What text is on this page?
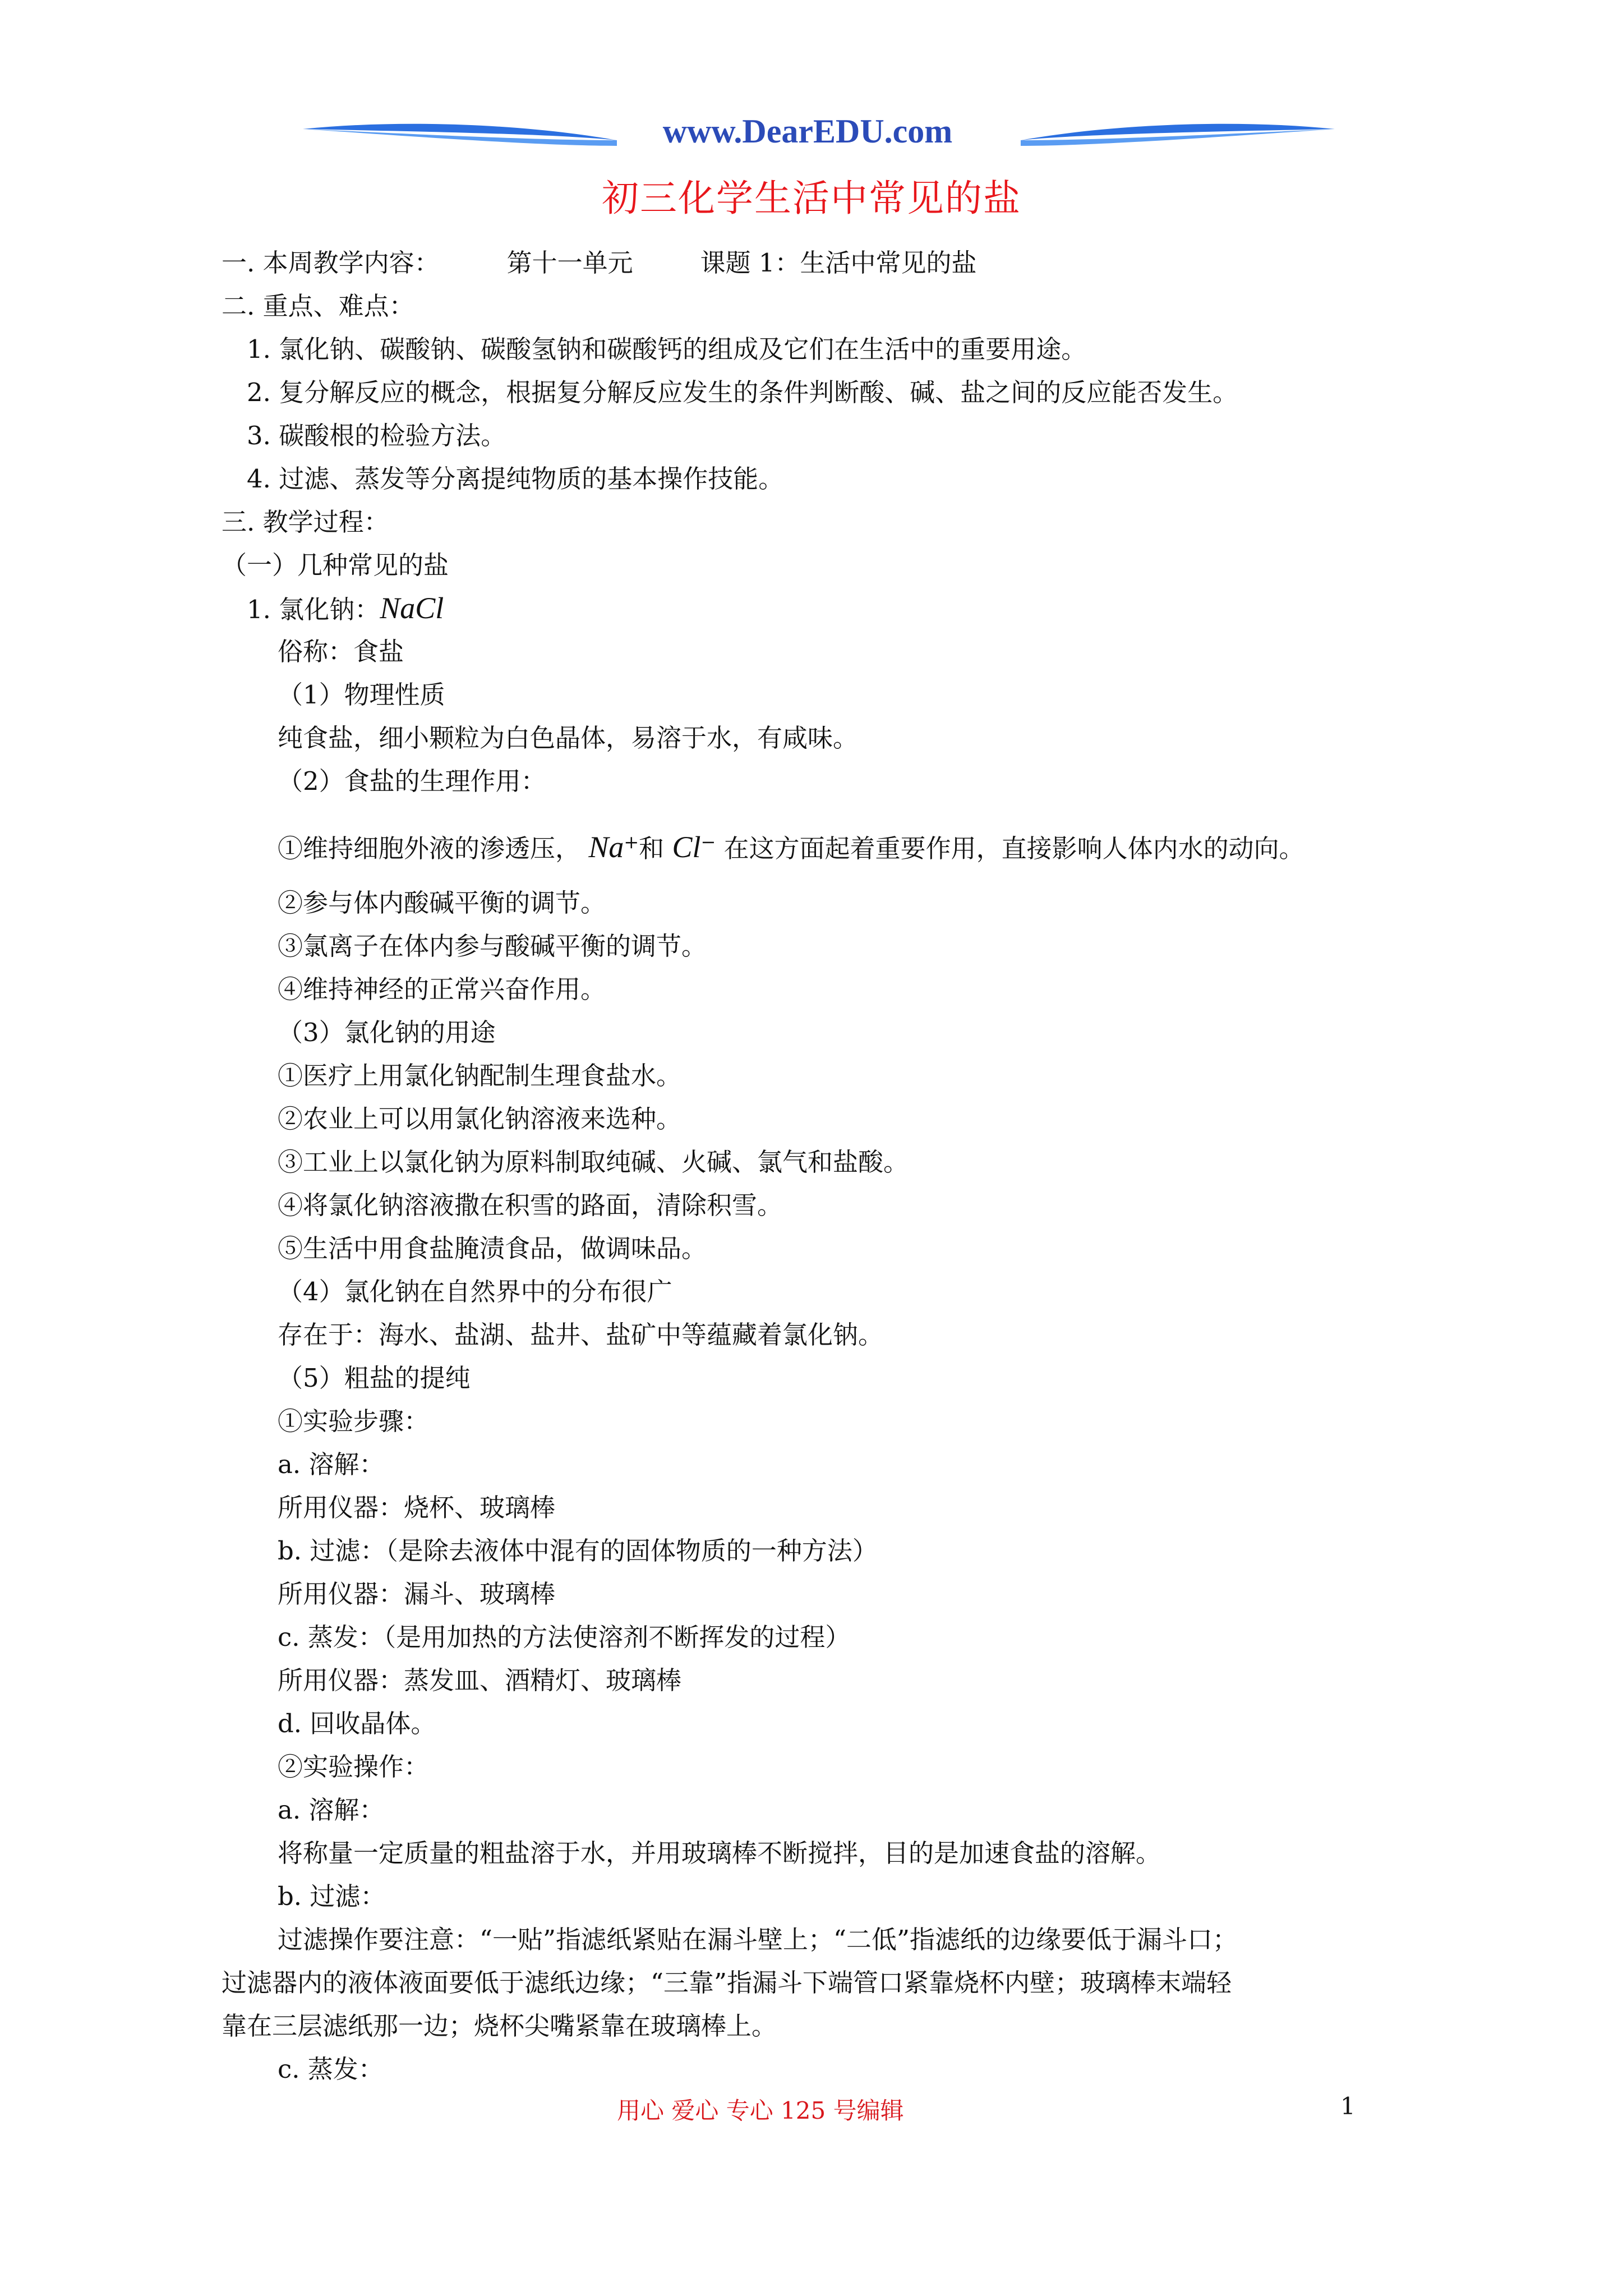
www.DearEDU.com
初三化学生活中常见的盐
一. 本周教学内容：	第十一单元	课题 1：生活中常见的盐
二. 重点、难点：
1. 氯化钠、碳酸钠、碳酸氢钠和碳酸钙的组成及它们在生活中的重要用途。
2. 复分解反应的概念，根据复分解反应发生的条件判断酸、碱、盐之间的反应能否发生。
3. 碳酸根的检验方法。
4. 过滤、蒸发等分离提纯物质的基本操作技能。
三. 教学过程：
（一）几种常见的盐
1. 氯化钠：NaCl
俗称：食盐
（1）物理性质
纯食盐，细小颗粒为白色晶体，易溶于水，有咸味。
（2）食盐的生理作用：
①维持细胞外液的渗透压， Na+和 Cl− 在这方面起着重要作用，直接影响人体内水的动向。
②参与体内酸碱平衡的调节。
③氯离子在体内参与酸碱平衡的调节。
④维持神经的正常兴奋作用。
（3）氯化钠的用途
①医疗上用氯化钠配制生理食盐水。
②农业上可以用氯化钠溶液来选种。
③工业上以氯化钠为原料制取纯碱、火碱、氯气和盐酸。
④将氯化钠溶液撒在积雪的路面，清除积雪。
⑤生活中用食盐腌渍食品，做调味品。
（4）氯化钠在自然界中的分布很广
存在于：海水、盐湖、盐井、盐矿中等蕴藏着氯化钠。
（5）粗盐的提纯
①实验步骤：
a. 溶解：
所用仪器：烧杯、玻璃棒
b. 过滤：（是除去液体中混有的固体物质的一种方法）
所用仪器：漏斗、玻璃棒
c. 蒸发：（是用加热的方法使溶剂不断挥发的过程）
所用仪器：蒸发皿、酒精灯、玻璃棒
d. 回收晶体。
②实验操作：
a. 溶解：
将称量一定质量的粗盐溶于水，并用玻璃棒不断搅拌，目的是加速食盐的溶解。
b. 过滤：
过滤操作要注意：“一贴”指滤纸紧贴在漏斗壁上；“二低”指滤纸的边缘要低于漏斗口；
过滤器内的液体液面要低于滤纸边缘；“三靠”指漏斗下端管口紧靠烧杯内壁；玻璃棒末端轻
靠在三层滤纸那一边；烧杯尖嘴紧靠在玻璃棒上。
c. 蒸发：
用心 爱心 专心 125 号编辑	1
